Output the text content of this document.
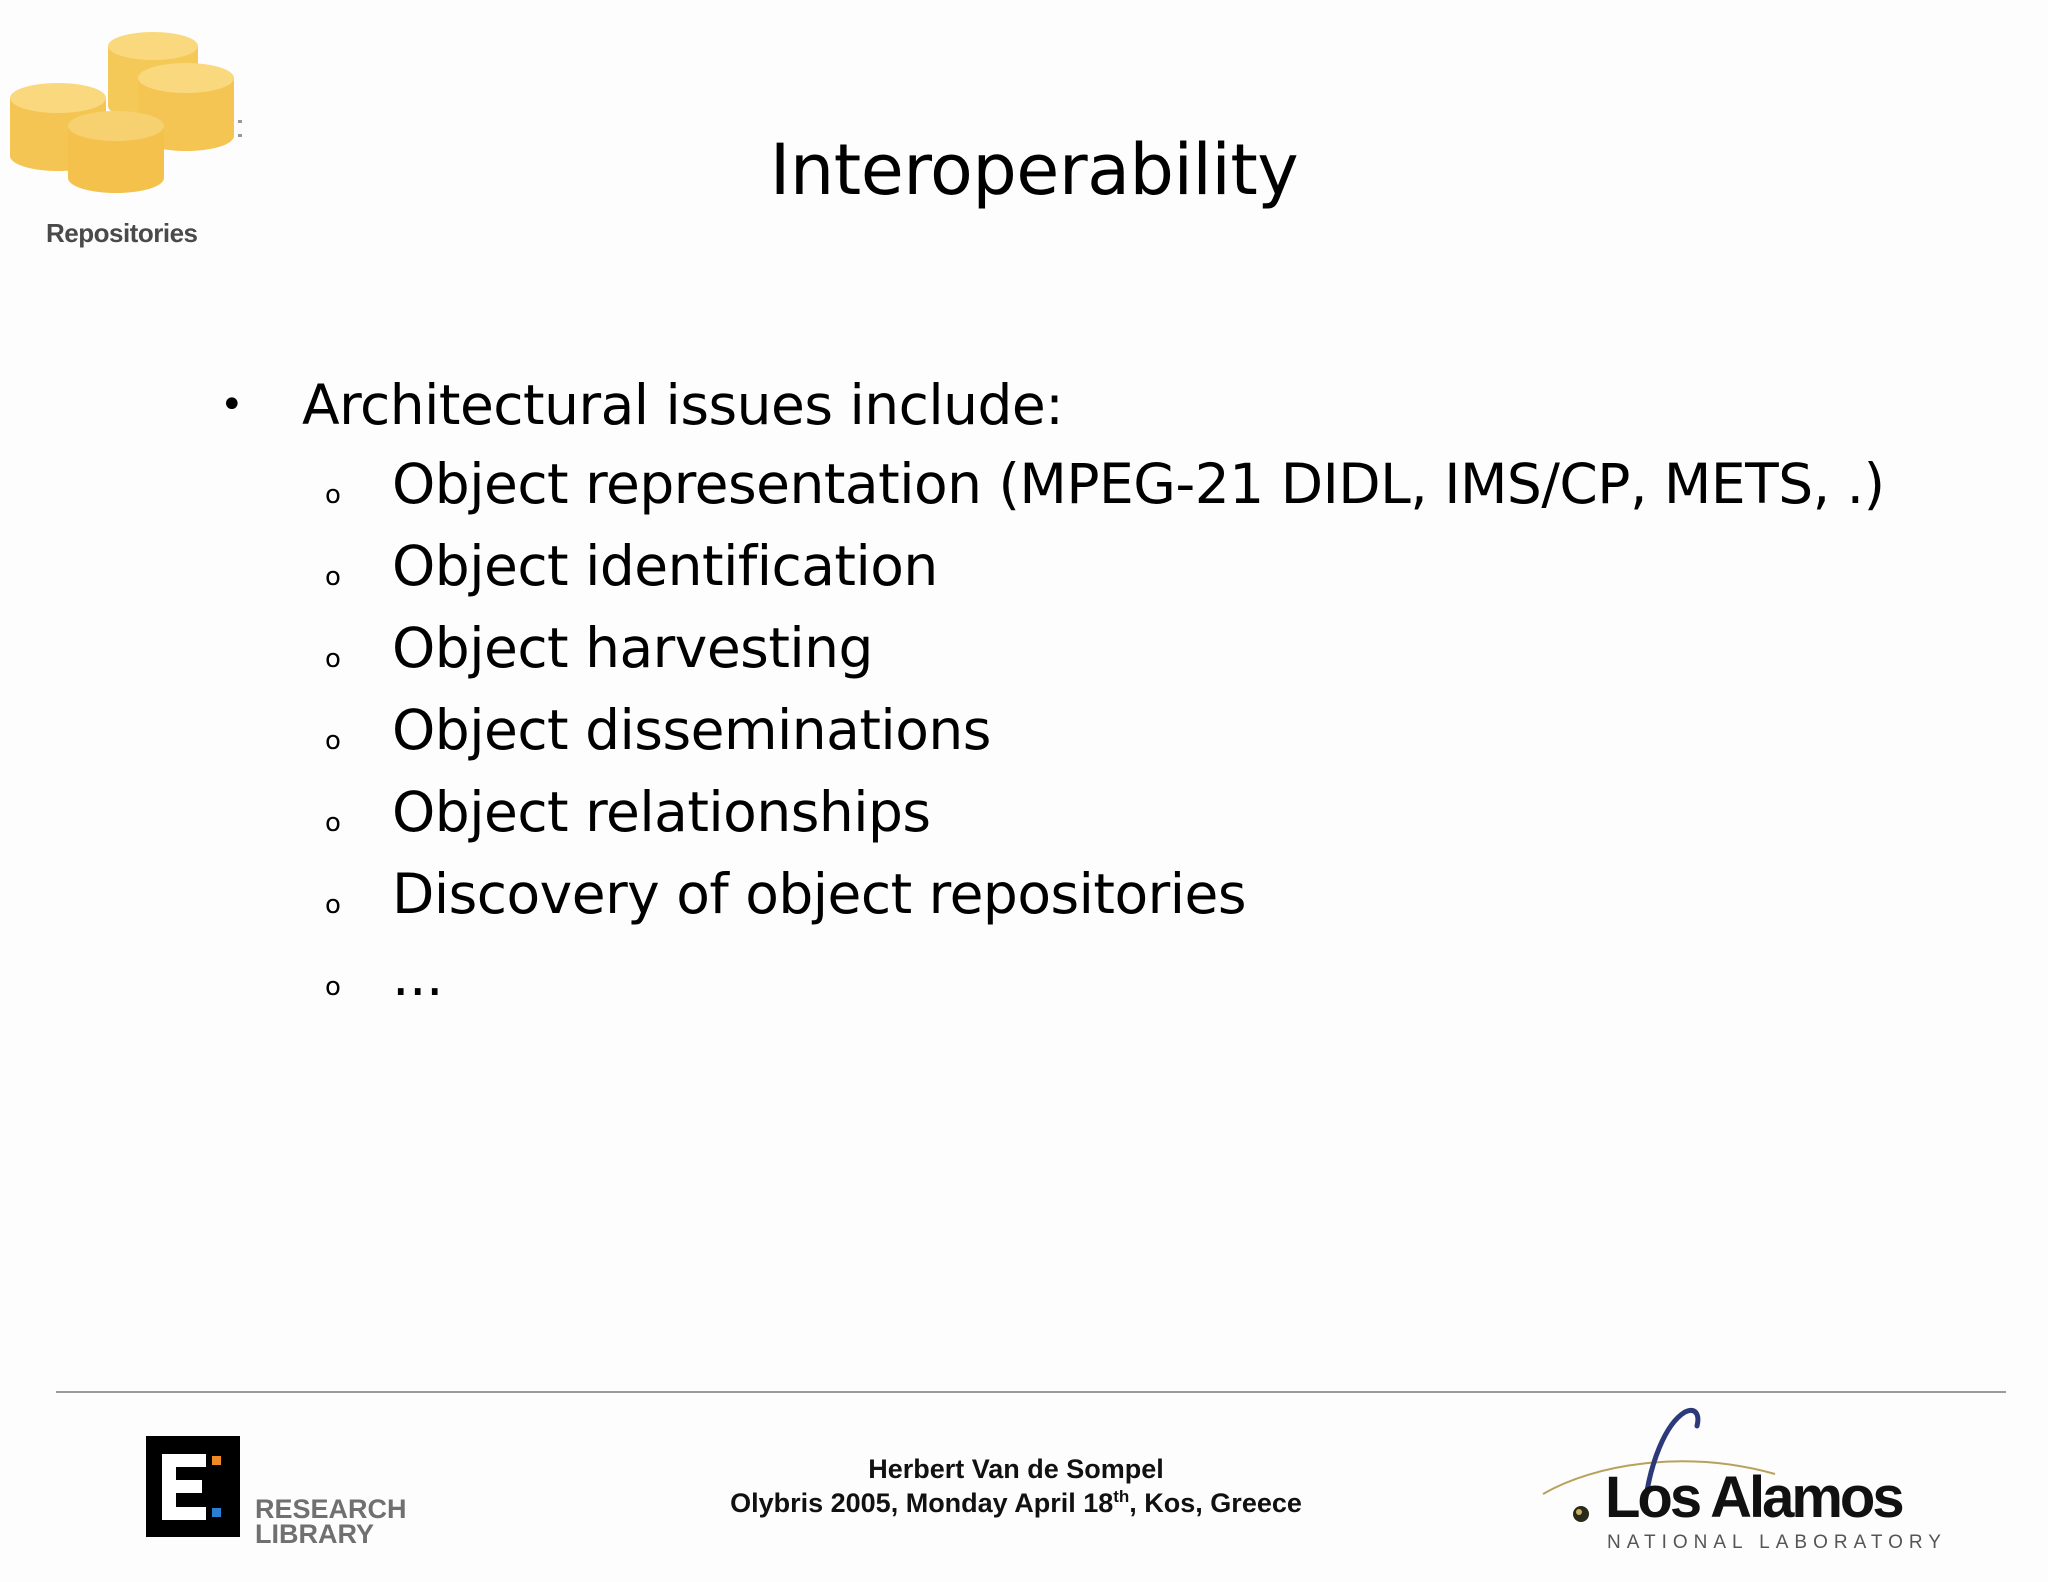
Repositories
Interoperability
• Architectural issues include:
o Object representation (MPEG-21 DIDL, IMS/CP, METS, .)
o Object identification
o Object harvesting
o Object disseminations
o Object relationships
o Discovery of object repositories
o ...
RESEARCH
LIBRARY
Herbert Van de Sompel
Olybris 2005, Monday April 18th, Kos, Greece	Los Alamos
NATIONAL LABORATORY
